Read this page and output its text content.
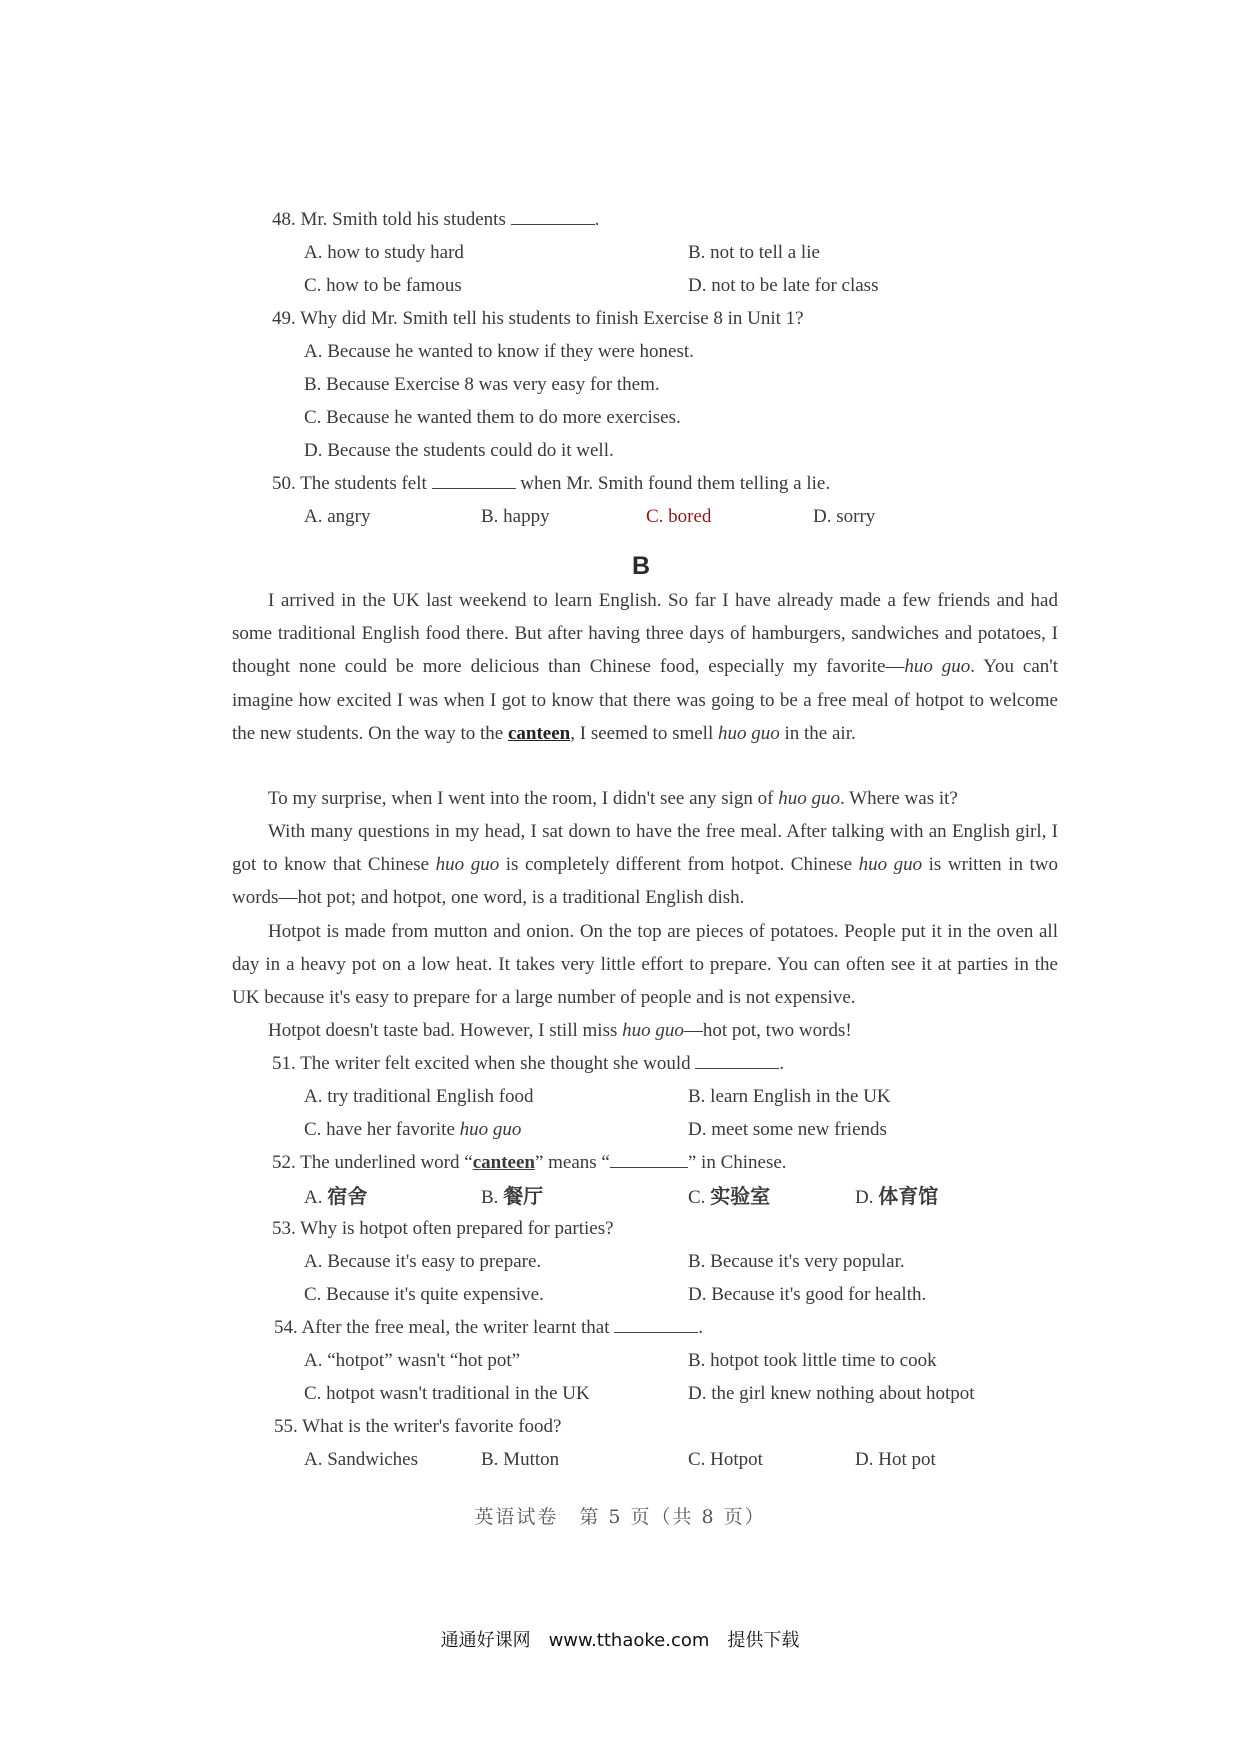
48. Mr. Smith told his students	.
A. how to study hard	B. not to tell a lie
C. how to be famous	D. not to be late for class
49. Why did Mr. Smith tell his students to finish Exercise 8 in Unit 1?
A. Because he wanted to know if they were honest.
B. Because Exercise 8 was very easy for them.
C. Because he wanted them to do more exercises.
D. Because the students could do it well.
50. The students felt	when Mr. Smith found them telling a lie.
A. angry	B. happy	C. bored	D. sorry
B
I arrived in the UK last weekend to learn English. So far I have already made a few friends and had some traditional English food there. But after having three days of hamburgers, sandwiches and potatoes, I thought none could be more delicious than Chinese food, especially my favorite—huo guo. You can't imagine how excited I was when I got to know that there was going to be a free meal of hotpot to welcome the new students. On the way to the canteen, I seemed to smell huo guo in the air.
To my surprise, when I went into the room, I didn't see any sign of huo guo. Where was it?
With many questions in my head, I sat down to have the free meal. After talking with an English girl, I got to know that Chinese huo guo is completely different from hotpot. Chinese huo guo is written in two words—hot pot; and hotpot, one word, is a traditional English dish.
Hotpot is made from mutton and onion. On the top are pieces of potatoes. People put it in the oven all day in a heavy pot on a low heat. It takes very little effort to prepare. You can often see it at parties in the UK because it's easy to prepare for a large number of people and is not expensive.
Hotpot doesn't taste bad. However, I still miss huo guo—hot pot, two words!
51. The writer felt excited when she thought she would	.
A. try traditional English food	B. learn English in the UK
C. have her favorite huo guo	D. meet some new friends
52. The underlined word “canteen” means “	” in Chinese.
A. 宿舍	B. 餐厅	C. 实验室	D. 体育馆
53. Why is hotpot often prepared for parties?
A. Because it's easy to prepare.	B. Because it's very popular.
C. Because it's quite expensive.	D. Because it's good for health.
54. After the free meal, the writer learnt that	.
A. “hotpot” wasn't “hot pot”	B. hotpot took little time to cook
C. hotpot wasn't traditional in the UK	D. the girl knew nothing about hotpot
55. What is the writer's favorite food?
A. Sandwiches	B. Mutton	C. Hotpot	D. Hot pot
英语试卷　第 5 页（共 8 页）
通通好课网　www.tthaoke.com　提供下载
